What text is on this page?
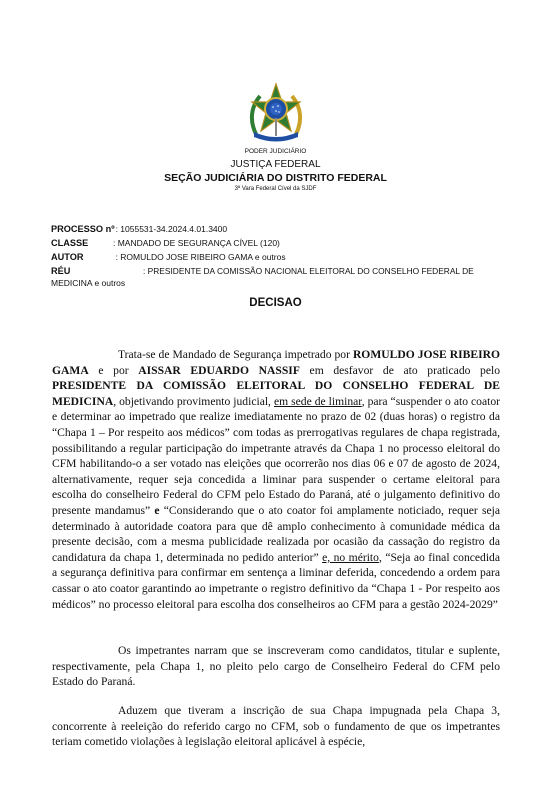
PODER JUDICIÁRIO
JUSTIÇA FEDERAL
SEÇÃO JUDICIÁRIA DO DISTRITO FEDERAL
3ª Vara Federal Cível da SJDF
PROCESSO nº : 1055531-34.2024.4.01.3400
CLASSE	: MANDADO DE SEGURANÇA CÍVEL (120)
AUTOR	: ROMULDO JOSE RIBEIRO GAMA e outros
RÉU	: PRESIDENTE DA COMISSÃO NACIONAL ELEITORAL DO CONSELHO FEDERAL DE
MEDICINA e outros
DECISAO
Trata-se de Mandado de Segurança impetrado por ROMULDO JOSE RIBEIRO GAMA e por AISSAR EDUARDO NASSIF em desfavor de ato praticado pelo PRESIDENTE DA COMISSÃO ELEITORAL DO CONSELHO FEDERAL DE MEDICINA, objetivando provimento judicial, em sede de liminar, para “suspender o ato coator e determinar ao impetrado que realize imediatamente no prazo de 02 (duas horas) o registro da “Chapa 1 – Por respeito aos médicos” com todas as prerrogativas regulares de chapa registrada, possibilitando a regular participação do impetrante através da Chapa 1 no processo eleitoral do CFM habilitando-o a ser votado nas eleições que ocorrerão nos dias 06 e 07 de agosto de 2024, alternativamente, requer seja concedida a liminar para suspender o certame eleitoral para escolha do conselheiro Federal do CFM pelo Estado do Paraná, até o julgamento definitivo do presente mandamus” e “Considerando que o ato coator foi amplamente noticiado, requer seja determinado à autoridade coatora para que dê amplo conhecimento à comunidade médica da presente decisão, com a mesma publicidade realizada por ocasião da cassação do registro da candidatura da chapa 1, determinada no pedido anterior” e, no mérito, “Seja ao final concedida a segurança definitiva para confirmar em sentença a liminar deferida, concedendo a ordem para cassar o ato coator garantindo ao impetrante o registro definitivo da “Chapa 1 - Por respeito aos médicos” no processo eleitoral para escolha dos conselheiros ao CFM para a gestão 2024-2029”
Os impetrantes narram que se inscreveram como candidatos, titular e suplente, respectivamente, pela Chapa 1, no pleito pelo cargo de Conselheiro Federal do CFM pelo Estado do Paraná.
Aduzem que tiveram a inscrição de sua Chapa impugnada pela Chapa 3, concorrente à reeleição do referido cargo no CFM, sob o fundamento de que os impetrantes teriam cometido violações à legislação eleitoral aplicável à espécie,
